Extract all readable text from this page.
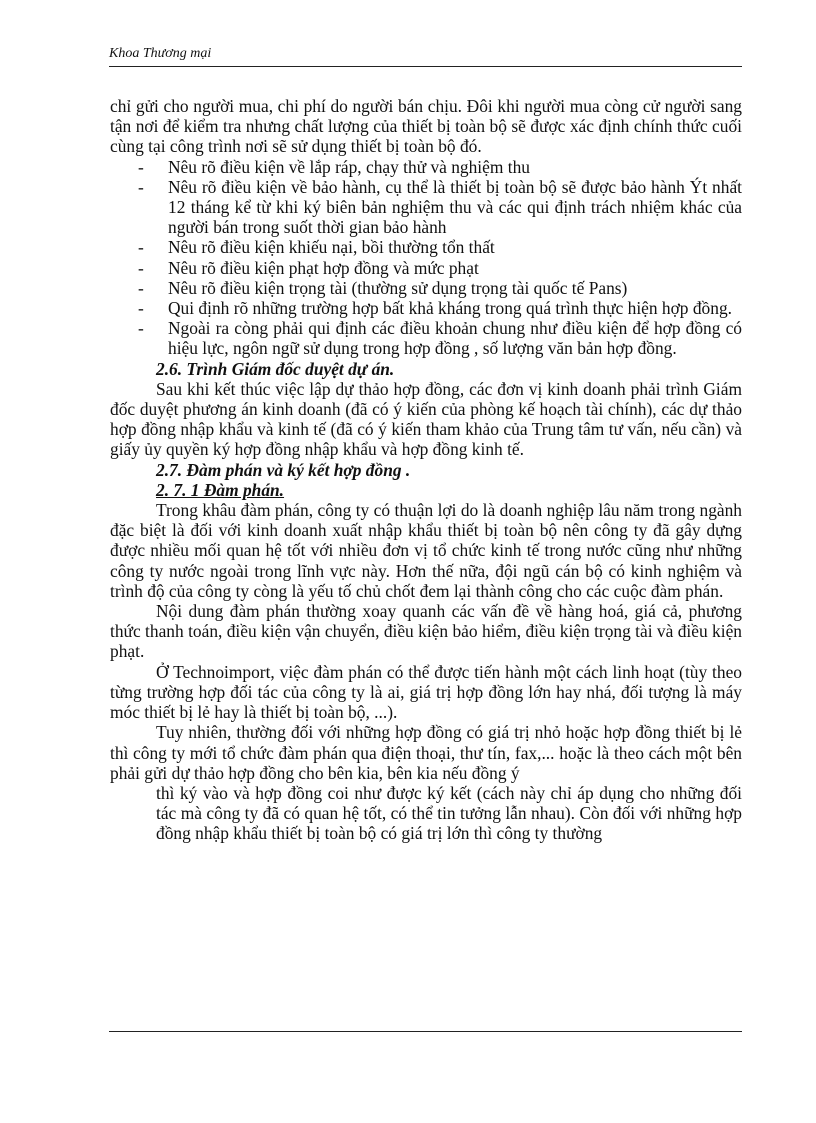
Khoa Thương mại

chỉ gửi cho người mua, chi phí do người bán chịu. Đôi khi người mua còng cử người sang tận nơi để kiểm tra nhưng chất lượng của thiết bị toàn bộ sẽ được xác định chính thức cuối cùng tại công trình nơi sẽ sử dụng thiết bị toàn bộ đó.

- Nêu rõ điều kiện về lắp ráp, chạy thử và nghiệm thu
- Nêu rõ điều kiện về bảo hành, cụ thể là thiết bị toàn bộ sẽ được bảo hành Ýt nhất 12 tháng kể từ khi ký biên bản nghiệm thu và các qui định trách nhiệm khác của người bán trong suốt thời gian bảo hành
- Nêu rõ điều kiện khiếu nại, bồi thường tổn thất
- Nêu rõ điều kiện phạt hợp đồng và mức phạt
- Nêu rõ điều kiện trọng tài (thường sử dụng trọng tài quốc tế Pans)
- Qui định rõ những trường hợp bất khả kháng trong quá trình thực hiện hợp đồng.
- Ngoài ra còng phải qui định các điều khoản chung như điều kiện để hợp đồng có hiệu lực, ngôn ngữ sử dụng trong hợp đồng , số lượng văn bản hợp đồng.

2.6. Trình Giám đốc duyệt dự án.

Sau khi kết thúc việc lập dự thảo hợp đồng, các đơn vị kinh doanh phải trình Giám đốc duyệt phương án kinh doanh (đã có ý kiến của phòng kế hoạch tài chính), các dự thảo hợp đồng nhập khẩu và kinh tế (đã có ý kiến tham khảo của Trung tâm tư vấn, nếu cần) và giấy ủy quyền ký hợp đồng nhập khẩu và hợp đồng kinh tế.

2.7. Đàm phán và ký kết hợp đồng .

2. 7. 1 Đàm phán.

Trong khâu đàm phán, công ty có thuận lợi do là doanh nghiệp lâu năm trong ngành đặc biệt là đối với kinh doanh xuất nhập khẩu thiết bị toàn bộ nên công ty đã gây dựng được nhiều mối quan hệ tốt với nhiều đơn vị tổ chức kinh tế trong nước cũng như những công ty nước ngoài trong lĩnh vực này. Hơn thế nữa, đội ngũ cán bộ có kinh nghiệm và trình độ của công ty còng là yếu tố chủ chốt đem lại thành công cho các cuộc đàm phán.

Nội dung đàm phán thường xoay quanh các vấn đề về hàng hoá, giá cả, phương thức thanh toán, điều kiện vận chuyển, điều kiện bảo hiểm, điều kiện trọng tài và điều kiện phạt.

Ở Technoimport, việc đàm phán có thể được tiến hành một cách linh hoạt (tùy theo từng trường hợp đối tác của công ty là ai, giá trị hợp đồng lớn hay nhá, đối tượng là máy móc thiết bị lẻ hay là thiết bị toàn bộ, ...).

Tuy nhiên, thường đối với những hợp đồng có giá trị nhỏ hoặc hợp đồng thiết bị lẻ thì công ty mới tổ chức đàm phán qua điện thoại, thư tín, fax,... hoặc là theo cách một bên phải gửi dự thảo hợp đồng cho bên kia, bên kia nếu đồng ý

thì ký vào và hợp đồng coi như được ký kết (cách này chỉ áp dụng cho những đối tác mà công ty đã có quan hệ tốt, có thể tin tưởng lẫn nhau). Còn đối với những hợp đồng nhập khẩu thiết bị toàn bộ có giá trị lớn thì công ty thường
